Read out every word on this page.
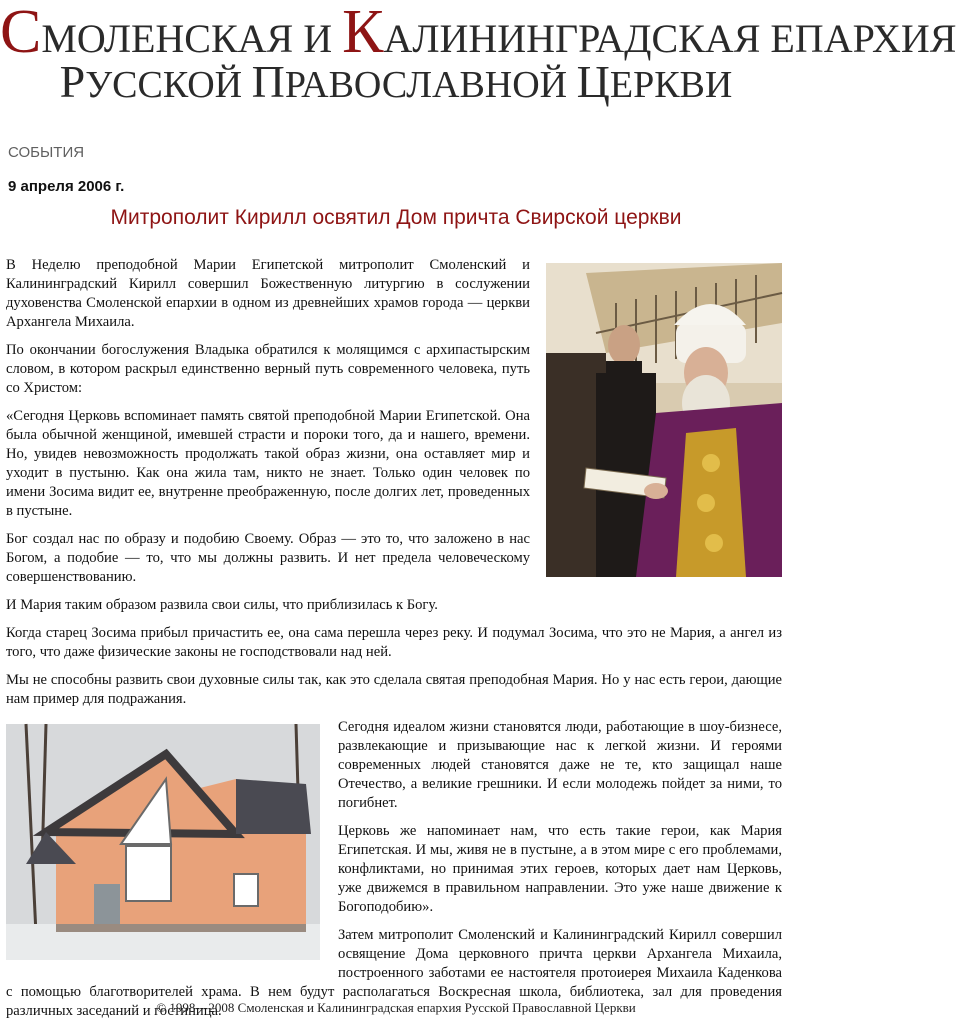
СМОЛЕНСКАЯ И КАЛИНИНГРАДСКАЯ ЕПАРХИЯ
РУССКОЙ ПРАВОСЛАВНОЙ ЦЕРКВИ
СОБЫТИЯ
9 апреля 2006 г.
Митрополит Кирилл освятил Дом причта Свирской церкви

В Неделю преподобной Марии Египетской митрополит Смоленский и Калининградский Кирилл совершил Божественную литургию в сослужении духовенства Смоленской епархии в одном из древнейших храмов города — церкви Архангела Михаила.

По окончании богослужения Владыка обратился к молящимся с архипастырским словом, в котором раскрыл единственно верный путь современного человека, путь со Христом:

«Сегодня Церковь вспоминает память святой преподобной Марии Египетской. Она была обычной женщиной, имевшей страсти и пороки того, да и нашего, времени. Но, увидев невозможность продолжать такой образ жизни, она оставляет мир и уходит в пустыню. Как она жила там, никто не знает. Только один человек по имени Зосима видит ее, внутренне преображенную, после долгих лет, проведенных в пустыне.

Бог создал нас по образу и подобию Своему. Образ — это то, что заложено в нас Богом, а подобие — то, что мы должны развить. И нет предела человеческому совершенствованию.

И Мария таким образом развила свои силы, что приблизилась к Богу.

Когда старец Зосима прибыл причастить ее, она сама перешла через реку. И подумал Зосима, что это не Мария, а ангел из того, что даже физические законы не господствовали над ней.

Мы не способны развить свои духовные силы так, как это сделала святая преподобная Мария. Но у нас есть герои, дающие нам пример для подражания.

Сегодня идеалом жизни становятся люди, работающие в шоу-бизнесе, развлекающие и призывающие нас к легкой жизни. И героями современных людей становятся даже не те, кто защищал наше Отечество, а великие грешники. И если молодежь пойдет за ними, то погибнет.

Церковь же напоминает нам, что есть такие герои, как Мария Египетская. И мы, живя не в пустыне, а в этом мире с его проблемами, конфликтами, но принимая этих героев, которых дает нам Церковь, уже движемся в правильном направлении. Это уже наше движение к Богоподобию».

Затем митрополит Смоленский и Калининградский Кирилл совершил освящение Дома церковного причта церкви Архангела Михаила, построенного заботами ее настоятеля протоиерея Михаила Каденкова с помощью благотворителей храма. В нем будут располагаться Воскресная школа, библиотека, зал для проведения различных заседаний и гостиница.

© 1998—2008 Смоленская и Калининградская епархия Русской Православной Церкви
